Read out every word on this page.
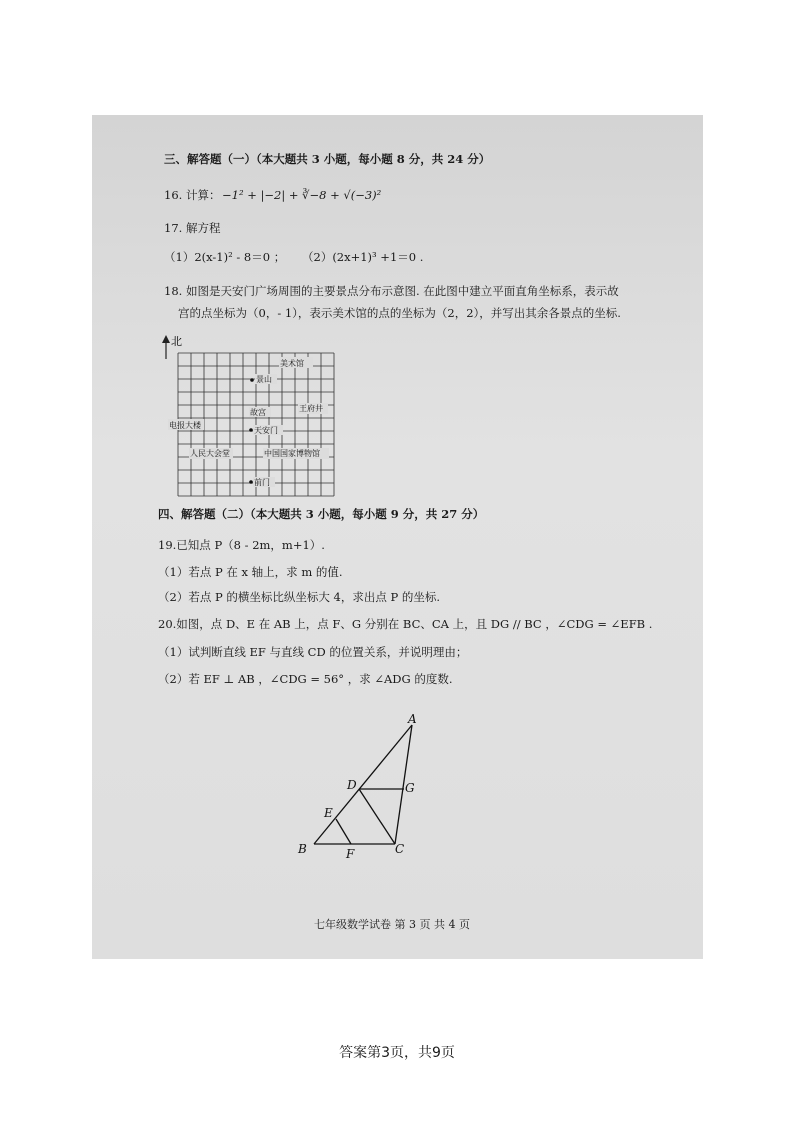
三、解答题（一）（本大题共 3 小题，每小题 8 分，共 24 分）
16. 计算： −1² + |−2| + ∛−8 + √(−3)²
17. 解方程
（1）2(x-1)² - 8＝0 ； （2）(2x+1)³ +1＝0 .
18. 如图是天安门广场周围的主要景点分布示意图. 在此图中建立平面直角坐标系，表示故
宫的点坐标为（0，- 1），表示美术馆的点的坐标为（2，2），并写出其余各景点的坐标.
北
美术馆
景山
故宫	王府井
电报大楼
天安门
人民大会堂	中国国家博物馆
前门
四、解答题（二）（本大题共 3 小题，每小题 9 分，共 27 分）
19.已知点 P（8 - 2m，m+1）.
（1）若点 P 在 x 轴上，求 m 的值.
（2）若点 P 的横坐标比纵坐标大 4，求出点 P 的坐标.
20.如图，点 D、E 在 AB 上，点 F、G 分别在 BC、CA 上，且 DG // BC ，∠CDG = ∠EFB .
（1）试判断直线 EF 与直线 CD 的位置关系，并说明理由；
（2）若 EF ⊥ AB ，∠CDG = 56° ，求 ∠ADG 的度数.
A
B	C
D
E
F
G
七年级数学试卷 第 3 页 共 4 页
答案第3页，共9页
